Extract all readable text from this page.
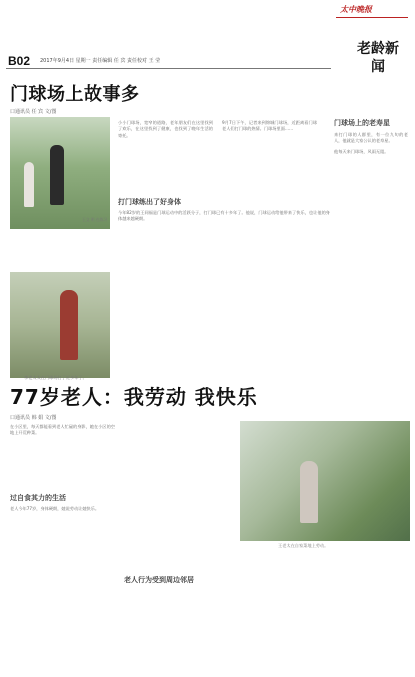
B02 2017年9月4日 星期一 责任编辑 任 宾 责任校对 王 莹
太中晚报
老龄新闻
门球场上故事多
口通讯员 任 宾 文/图
王文 明 在练习
李老太太在门球场打了近多年了。
小小门球场，宽窄的道路，老年朋友们在这里找到了欢乐，在这里找到了健康，也找到了晚年生活的寄托。
9月7日下午，记者来到锦城门球场，近距离看门球老人们打门球的热情。门球场里面……
打门球练出了好身体
今年82岁的王同福是门球运动中的活跃分子，打门球已有十多年了。他说，门球运动给他带来了快乐，也让他的身体越来越硬朗。
门球场上的老寿星
来打门球的人群里，有一位九旬的老人，他就是大家公认的老寿星。
他每天来门球场，风雨无阻。
77岁老人：我劳动 我快乐
口通讯员 韩 娟 文/图
在小区里，每天都能看到老人忙碌的身影，她在小区的空地上开荒种菜。
过自食其力的生活
老人今年77岁，身体硬朗，她说劳动让她快乐。
老人行为受到周边邻居
王老太在自家菜地上劳动。
